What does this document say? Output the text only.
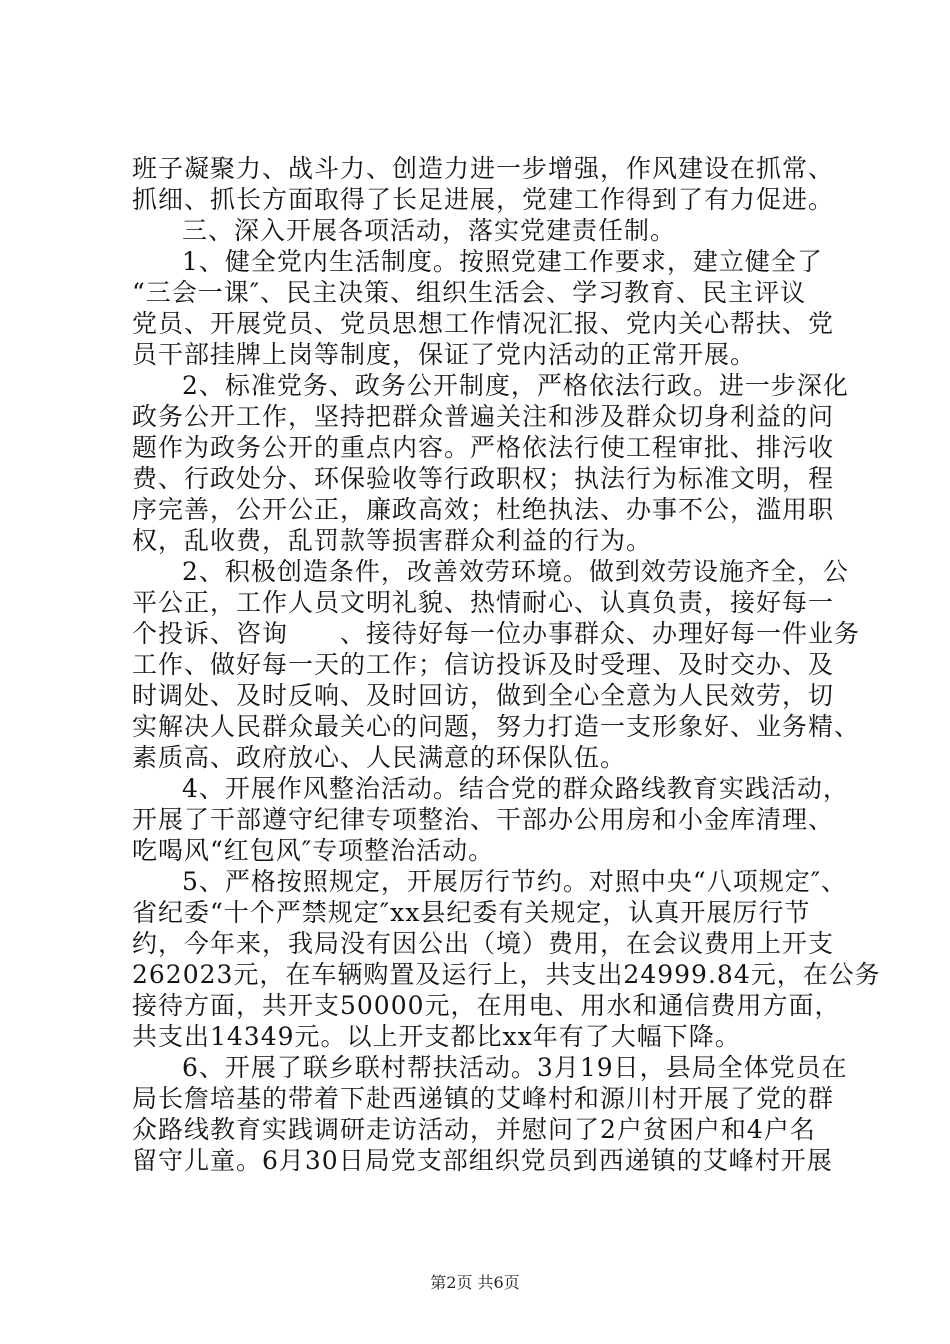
班子凝聚力、战斗力、创造力进一步增强，作风建设在抓常、
抓细、抓长方面取得了长足进展，党建工作得到了有力促进。
三、深入开展各项活动，落实党建责任制。
1、健全党内生活制度。按照党建工作要求，建立健全了
“三会一课″、民主决策、组织生活会、学习教育、民主评议
党员、开展党员、党员思想工作情况汇报、党内关心帮扶、党
员干部挂牌上岗等制度，保证了党内活动的正常开展。
2、标准党务、政务公开制度，严格依法行政。进一步深化
政务公开工作，坚持把群众普遍关注和涉及群众切身利益的问
题作为政务公开的重点内容。严格依法行使工程审批、排污收
费、行政处分、环保验收等行政职权；执法行为标准文明，程
序完善，公开公正，廉政高效；杜绝执法、办事不公，滥用职
权，乱收费，乱罚款等损害群众利益的行为。
2、积极创造条件，改善效劳环境。做到效劳设施齐全，公
平公正，工作人员文明礼貌、热情耐心、认真负责，接好每一
个投诉、咨询　　、接待好每一位办事群众、办理好每一件业务
工作、做好每一天的工作；信访投诉及时受理、及时交办、及
时调处、及时反响、及时回访，做到全心全意为人民效劳，切
实解决人民群众最关心的问题，努力打造一支形象好、业务精、
素质高、政府放心、人民满意的环保队伍。
4、开展作风整治活动。结合党的群众路线教育实践活动，
开展了干部遵守纪律专项整治、干部办公用房和小金库清理、
吃喝风“红包风″专项整治活动。
5、严格按照规定，开展厉行节约。对照中央“八项规定″、
省纪委“十个严禁规定″xx县纪委有关规定，认真开展厉行节
约，今年来，我局没有因公出（境）费用，在会议费用上开支
262023元，在车辆购置及运行上，共支出24999.84元，在公务
接待方面，共开支50000元，在用电、用水和通信费用方面，
共支出14349元。以上开支都比xx年有了大幅下降。
6、开展了联乡联村帮扶活动。3月19日，县局全体党员在
局长詹培基的带着下赴西递镇的艾峰村和源川村开展了党的群
众路线教育实践调研走访活动，并慰问了2户贫困户和4户名
留守儿童。6月30日局党支部组织党员到西递镇的艾峰村开展
第2页 共6页
